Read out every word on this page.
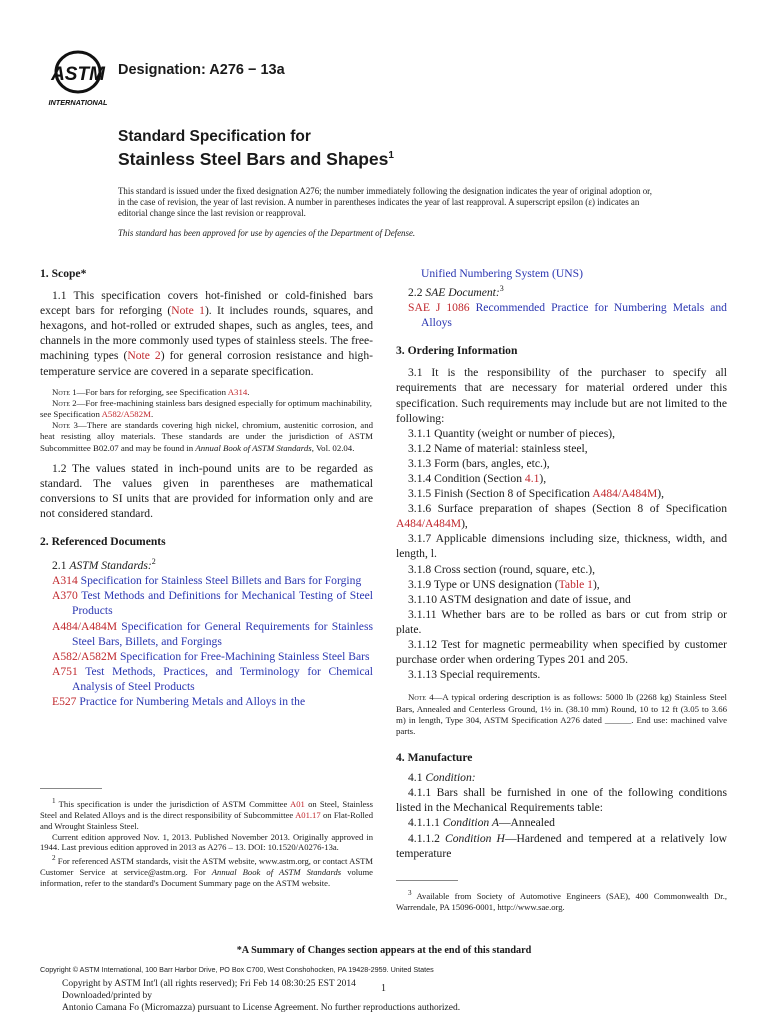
ASTM
INTERNATIONAL
Designation: A276 − 13a
Standard Specification for
Stainless Steel Bars and Shapes$^1$

This standard is issued under the fixed designation A276; the number immediately following the designation indicates the year of original adoption or, in the case of revision, the year of last revision. A number in parentheses indicates the year of last reapproval. A superscript epsilon (ε) indicates an editorial change since the last revision or reapproval.

This standard has been approved for use by agencies of the Department of Defense.

1. Scope*

1.1 This specification covers hot-finished or cold-finished bars except bars for reforging (Note 1). It includes rounds, squares, and hexagons, and hot-rolled or extruded shapes, such as angles, tees, and channels in the more commonly used types of stainless steels. The free-machining types (Note 2) for general corrosion resistance and high-temperature service are covered in a separate specification.

Note 1—For bars for reforging, see Specification A314.
Note 2—For free-machining stainless bars designed especially for optimum machinability, see Specification A582/A582M.
Note 3—There are standards covering high nickel, chromium, austenitic corrosion, and heat resisting alloy materials. These standards are under the jurisdiction of ASTM Subcommittee B02.07 and may be found in Annual Book of ASTM Standards, Vol. 02.04.

1.2 The values stated in inch-pound units are to be regarded as standard. The values given in parentheses are mathematical conversions to SI units that are provided for information only and are not considered standard.

2. Referenced Documents

2.1 ASTM Standards:$^2$

A314 Specification for Stainless Steel Billets and Bars for Forging

A370 Test Methods and Definitions for Mechanical Testing of Steel Products

A484/A484M Specification for General Requirements for Stainless Steel Bars, Billets, and Forgings

A582/A582M Specification for Free-Machining Stainless Steel Bars

A751 Test Methods, Practices, and Terminology for Chemical Analysis of Steel Products

E527 Practice for Numbering Metals and Alloys in the

$^1$ This specification is under the jurisdiction of ASTM Committee A01 on Steel, Stainless Steel and Related Alloys and is the direct responsibility of Subcommittee A01.17 on Flat-Rolled and Wrought Stainless Steel.
Current edition approved Nov. 1, 2013. Published November 2013. Originally approved in 1944. Last previous edition approved in 2013 as A276 – 13. DOI: 10.1520/A0276-13a.
$^2$ For referenced ASTM standards, visit the ASTM website, www.astm.org, or contact ASTM Customer Service at service@astm.org. For Annual Book of ASTM Standards volume information, refer to the standard's Document Summary page on the ASTM website.

Unified Numbering System (UNS)

2.2 SAE Document:$^3$

SAE J 1086 Recommended Practice for Numbering Metals and Alloys

3. Ordering Information

3.1 It is the responsibility of the purchaser to specify all requirements that are necessary for material ordered under this specification. Such requirements may include but are not limited to the following:

3.1.1 Quantity (weight or number of pieces),

3.1.2 Name of material: stainless steel,

3.1.3 Form (bars, angles, etc.),

3.1.4 Condition (Section 4.1),

3.1.5 Finish (Section 8 of Specification A484/A484M),

3.1.6 Surface preparation of shapes (Section 8 of Specification A484/A484M),

3.1.7 Applicable dimensions including size, thickness, width, and length, l.

3.1.8 Cross section (round, square, etc.),

3.1.9 Type or UNS designation (Table 1),

3.1.10 ASTM designation and date of issue, and

3.1.11 Whether bars are to be rolled as bars or cut from strip or plate.

3.1.12 Test for magnetic permeability when specified by customer purchase order when ordering Types 201 and 205.

3.1.13 Special requirements.

Note 4—A typical ordering description is as follows: 5000 lb (2268 kg) Stainless Steel Bars, Annealed and Centerless Ground, 1½ in. (38.10 mm) Round, 10 to 12 ft (3.05 to 3.66 m) in length, Type 304, ASTM Specification A276 dated ______. End use: machined valve parts.

4. Manufacture

4.1 Condition:

4.1.1 Bars shall be furnished in one of the following conditions listed in the Mechanical Requirements table:

4.1.1.1 Condition A—Annealed

4.1.1.2 Condition H—Hardened and tempered at a relatively low temperature

$^3$ Available from Society of Automotive Engineers (SAE), 400 Commonwealth Dr., Warrendale, PA 15096-0001, http://www.sae.org.
*A Summary of Changes section appears at the end of this standard
Copyright © ASTM International, 100 Barr Harbor Drive, PO Box C700, West Conshohocken, PA 19428-2959. United States
Copyright by ASTM Int'l (all rights reserved); Fri Feb 14 08:30:25 EST 2014
Downloaded/printed by
Antonio Camana Fo (Micromazza) pursuant to License Agreement. No further reproductions authorized.
1
